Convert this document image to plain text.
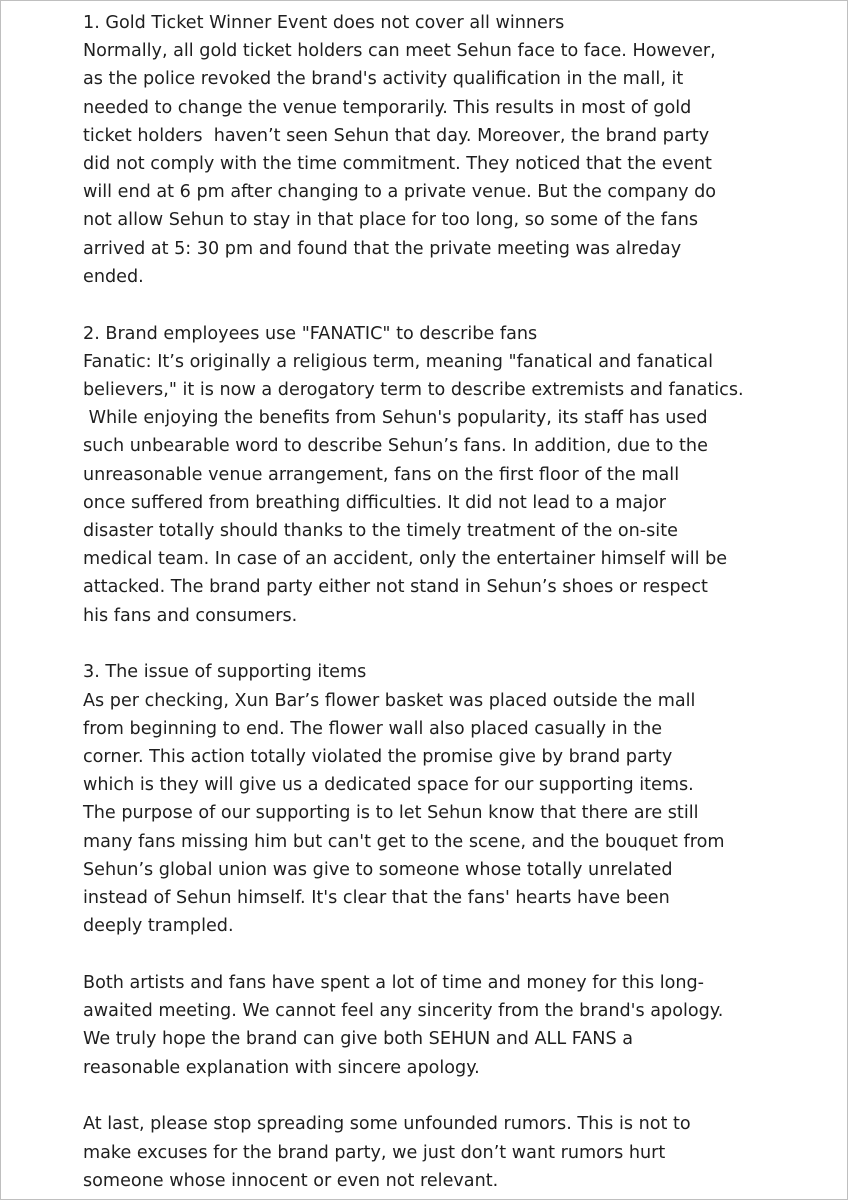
1. Gold Ticket Winner Event does not cover all winners
Normally, all gold ticket holders can meet Sehun face to face. However,
as the police revoked the brand's activity qualification in the mall, it
needed to change the venue temporarily. This results in most of gold
ticket holders  haven’t seen Sehun that day. Moreover, the brand party
did not comply with the time commitment. They noticed that the event
will end at 6 pm after changing to a private venue. But the company do
not allow Sehun to stay in that place for too long, so some of the fans
arrived at 5: 30 pm and found that the private meeting was alreday
ended.
2. Brand employees use "FANATIC" to describe fans
Fanatic: It’s originally a religious term, meaning "fanatical and fanatical
believers," it is now a derogatory term to describe extremists and fanatics.
While enjoying the benefits from Sehun's popularity, its staff has used
such unbearable word to describe Sehun’s fans. In addition, due to the
unreasonable venue arrangement, fans on the first floor of the mall
once suffered from breathing difficulties. It did not lead to a major
disaster totally should thanks to the timely treatment of the on-site
medical team. In case of an accident, only the entertainer himself will be
attacked. The brand party either not stand in Sehun’s shoes or respect
his fans and consumers.
3. The issue of supporting items
As per checking, Xun Bar’s flower basket was placed outside the mall
from beginning to end. The flower wall also placed casually in the
corner. This action totally violated the promise give by brand party
which is they will give us a dedicated space for our supporting items.
The purpose of our supporting is to let Sehun know that there are still
many fans missing him but can't get to the scene, and the bouquet from
Sehun’s global union was give to someone whose totally unrelated
instead of Sehun himself. It's clear that the fans' hearts have been
deeply trampled.
Both artists and fans have spent a lot of time and money for this long-
awaited meeting. We cannot feel any sincerity from the brand's apology.
We truly hope the brand can give both SEHUN and ALL FANS a
reasonable explanation with sincere apology.
At last, please stop spreading some unfounded rumors. This is not to
make excuses for the brand party, we just don’t want rumors hurt
someone whose innocent or even not relevant.
